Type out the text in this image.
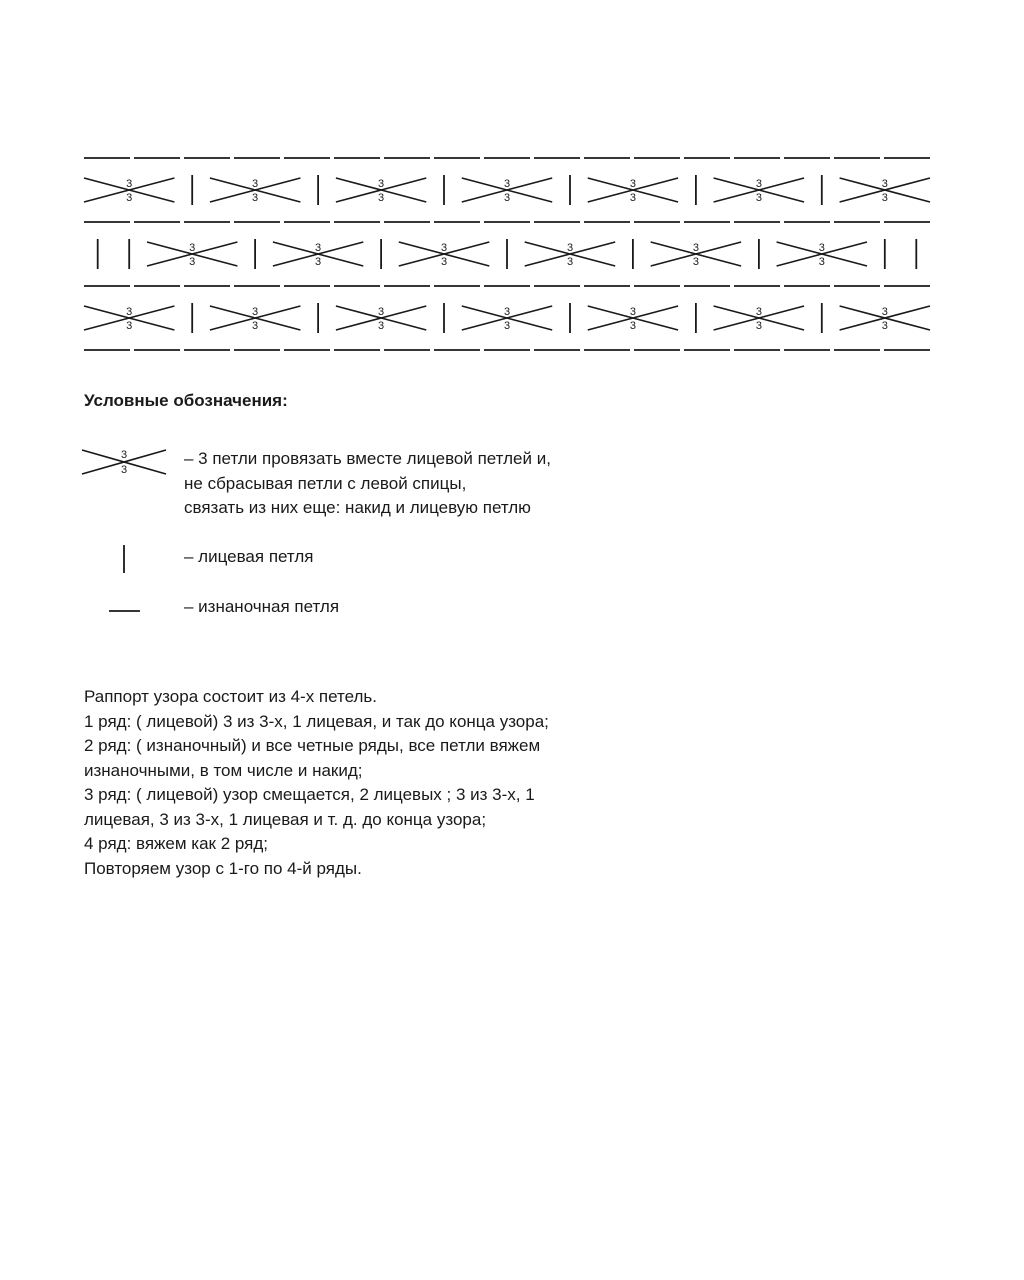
3
3
3
3
3
3
3
3
3
3
3
3
3
3
3
3
3
3
3
3
3
3
3
3
3
3
3
3
3
3
3
3
3
3
3
3
3
3
3
3
Условные обозначения:
3
3
– 3 петли провязать вместе лицевой петлей и,
не сбрасывая петли с левой спицы,
связать из них еще: накид и лицевую петлю
– лицевая петля
– изнаночная петля
Раппорт узора состоит из 4-х петель.
1 ряд: ( лицевой) 3 из 3-х, 1 лицевая, и так до конца узора;
2 ряд: ( изнаночный) и все четные ряды, все петли вяжем
изнаночными, в том числе и накид;
3 ряд: ( лицевой) узор смещается, 2 лицевых ; 3 из 3-х, 1
лицевая, 3 из 3-х, 1 лицевая и т. д. до конца узора;
4 ряд: вяжем как 2 ряд;
Повторяем узор с 1-го по 4-й ряды.
